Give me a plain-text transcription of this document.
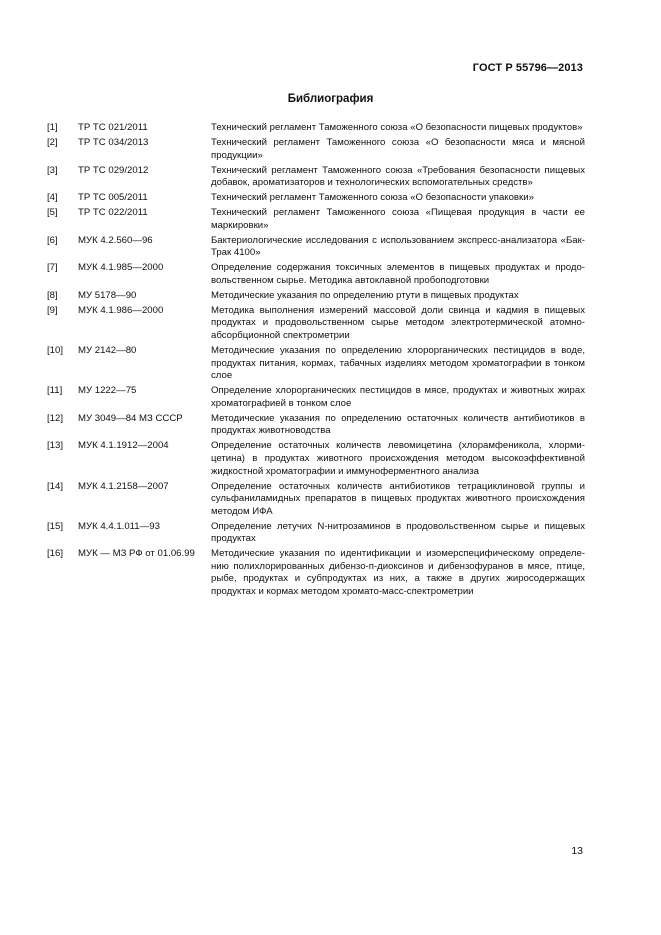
ГОСТ Р 55796—2013
Библиография
[1]	ТР ТС 021/2011	Технический регламент Таможенного союза «О безопасности пищевых продуктов»
[2]	ТР ТС 034/2013	Технический регламент Таможенного союза «О безопасности мяса и мясной продукции»
[3]	ТР ТС 029/2012	Технический регламент Таможенного союза «Требования безопасности пищевых добавок, ароматизаторов и технологических вспомогательных средств»
[4]	ТР ТС 005/2011	Технический регламент Таможенного союза «О безопасности упаковки»
[5]	ТР ТС 022/2011	Технический регламент Таможенного союза «Пищевая продукция в части ее маркировки»
[6]	МУК 4.2.560—96	Бактериологические исследования с использованием экспресс-анализатора «Бак-Трак 4100»
[7]	МУК 4.1.985—2000	Определение содержания токсичных элементов в пищевых продуктах и продовольственном сырье. Методика автоклавной пробоподготовки
[8]	МУ 5178—90	Методические указания по определению ртути в пищевых продуктах
[9]	МУК 4.1.986—2000	Методика выполнения измерений массовой доли свинца и кадмия в пищевых продуктах и продовольственном сырье методом электротермической атомно-абсорбционной спектрометрии
[10]	МУ 2142—80	Методические указания по определению хлорорганических пестицидов в воде, продуктах питания, кормах, табачных изделиях методом хроматографии в тонком слое
[11]	МУ 1222—75	Определение хлорорганических пестицидов в мясе, продуктах и животных жирах хроматографией в тонком слое
[12]	МУ 3049—84 МЗ СССР	Методические указания по определению остаточных количеств антибиотиков в продуктах животноводства
[13]	МУК 4.1.1912—2004	Определение остаточных количеств левомицетина (хлорамфеникола, хлормицетина) в продуктах животного происхождения методом высокоэффективной жидкостной хроматографии и иммуноферментного анализа
[14]	МУК 4.1.2158—2007	Определение остаточных количеств антибиотиков тетрациклиновой группы и сульфаниламидных препаратов в пищевых продуктах животного происхождения методом ИФА
[15]	МУК 4.4.1.011—93	Определение летучих N-нитрозаминов в продовольственном сырье и пищевых продуктах
[16]	МУК — МЗ РФ от 01.06.99	Методические указания по идентификации и изомерспецифическому определению полихлорированных дибензо-п-диоксинов и дибензофуранов в мясе, птице, рыбе, продуктах и субпродуктах из них, а также в других жиросодержащих продуктах и кормах методом хромато-масс-спектрометрии
13
